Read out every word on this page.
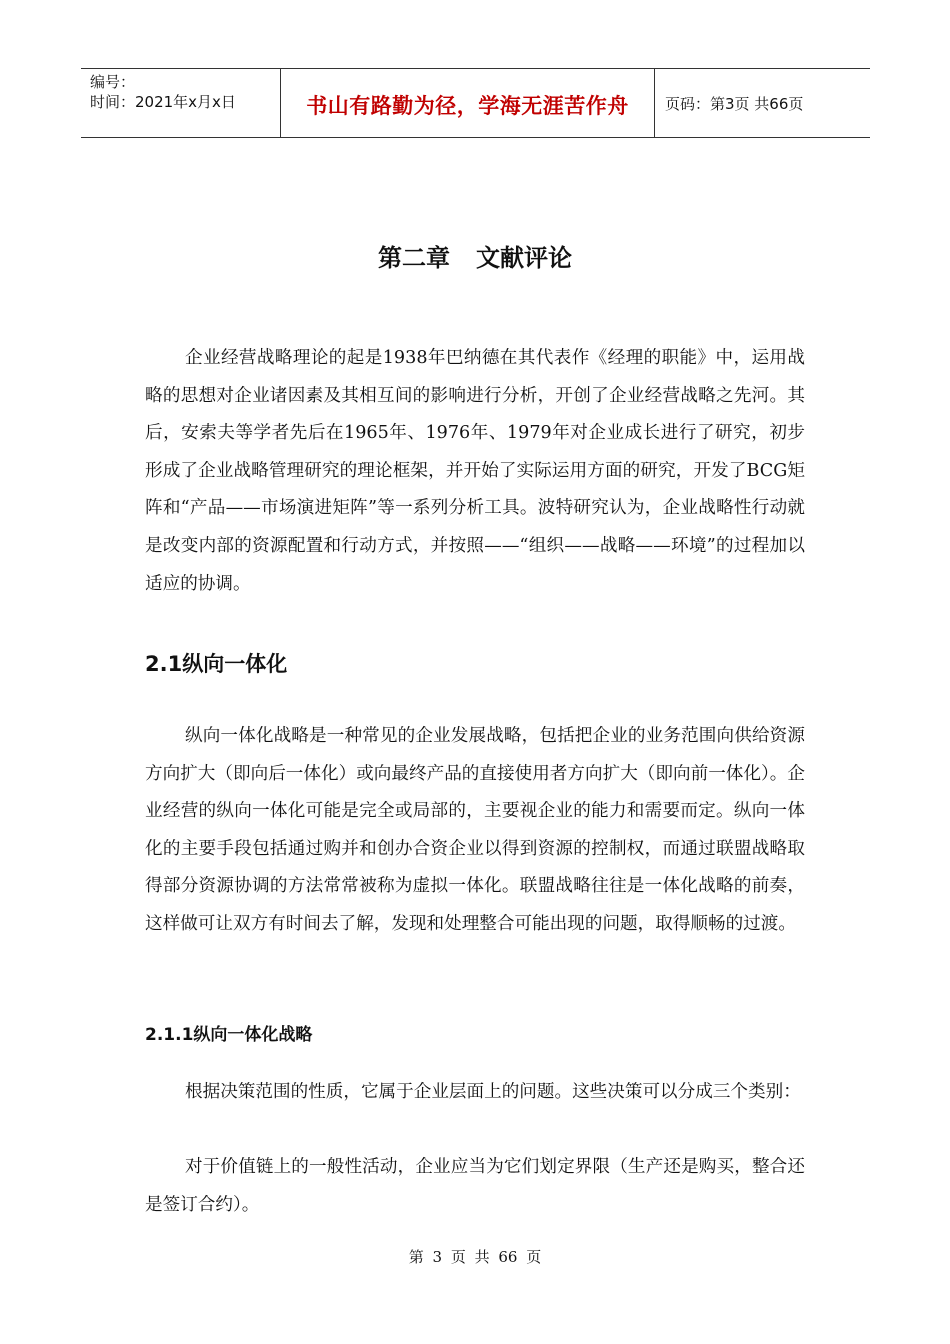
编号：
时间：2021年x月x日	书山有路勤为径，学海无涯苦作舟	页码：第3页 共66页
第二章 文献评论

企业经营战略理论的起是1938年巴纳德在其代表作《经理的职能》中，运用战略的思想对企业诸因素及其相互间的影响进行分析，开创了企业经营战略之先河。其后，安索夫等学者先后在1965年、1976年、1979年对企业成长进行了研究，初步形成了企业战略管理研究的理论框架，并开始了实际运用方面的研究，开发了BCG矩阵和“产品——市场演进矩阵”等一系列分析工具。波特研究认为，企业战略性行动就是改变内部的资源配置和行动方式，并按照——“组织——战略——环境”的过程加以适应的协调。

2.1纵向一体化

纵向一体化战略是一种常见的企业发展战略，包括把企业的业务范围向供给资源方向扩大（即向后一体化）或向最终产品的直接使用者方向扩大（即向前一体化）。企业经营的纵向一体化可能是完全或局部的，主要视企业的能力和需要而定。纵向一体化的主要手段包括通过购并和创办合资企业以得到资源的控制权，而通过联盟战略取得部分资源协调的方法常常被称为虚拟一体化。联盟战略往往是一体化战略的前奏，这样做可让双方有时间去了解，发现和处理整合可能出现的问题，取得顺畅的过渡。

2.1.1纵向一体化战略

根据决策范围的性质，它属于企业层面上的问题。这些决策可以分成三个类别：

对于价值链上的一般性活动，企业应当为它们划定界限（生产还是购买，整合还是签订合约）。

第 3 页 共 66 页
